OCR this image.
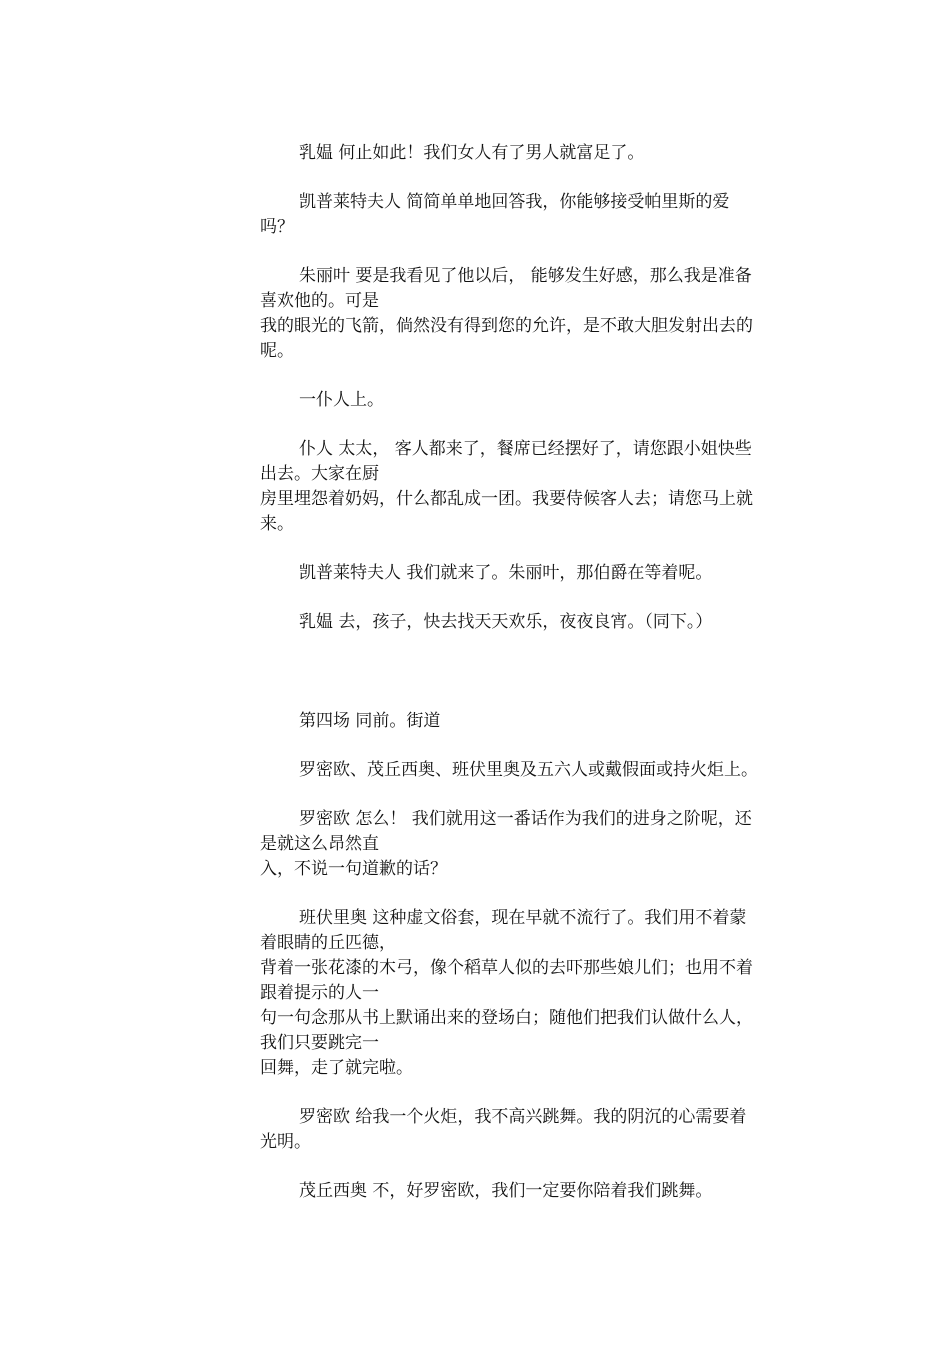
乳媪 何止如此！我们女人有了男人就富足了。

凯普莱特夫人 简简单单地回答我，你能够接受帕里斯的爱
吗？

朱丽叶 要是我看见了他以后， 能够发生好感，那么我是准备
喜欢他的。可是
我的眼光的飞箭，倘然没有得到您的允许，是不敢大胆发射出去的
呢。

一仆人上。

仆人 太太， 客人都来了，餐席已经摆好了，请您跟小姐快些
出去。大家在厨
房里埋怨着奶妈，什么都乱成一团。我要侍候客人去；请您马上就
来。

凯普莱特夫人 我们就来了。朱丽叶，那伯爵在等着呢。

乳媪 去，孩子，快去找天天欢乐，夜夜良宵。（同下。）

第四场 同前。街道

罗密欧、茂丘西奥、班伏里奥及五六人或戴假面或持火炬上。

罗密欧 怎么！ 我们就用这一番话作为我们的进身之阶呢，还
是就这么昂然直
入，不说一句道歉的话？

班伏里奥 这种虚文俗套，现在早就不流行了。我们用不着蒙
着眼睛的丘匹德，
背着一张花漆的木弓，像个稻草人似的去吓那些娘儿们；也用不着
跟着提示的人一
句一句念那从书上默诵出来的登场白；随他们把我们认做什么人，
我们只要跳完一
回舞，走了就完啦。

罗密欧 给我一个火炬，我不高兴跳舞。我的阴沉的心需要着
光明。

茂丘西奥 不，好罗密欧，我们一定要你陪着我们跳舞。
